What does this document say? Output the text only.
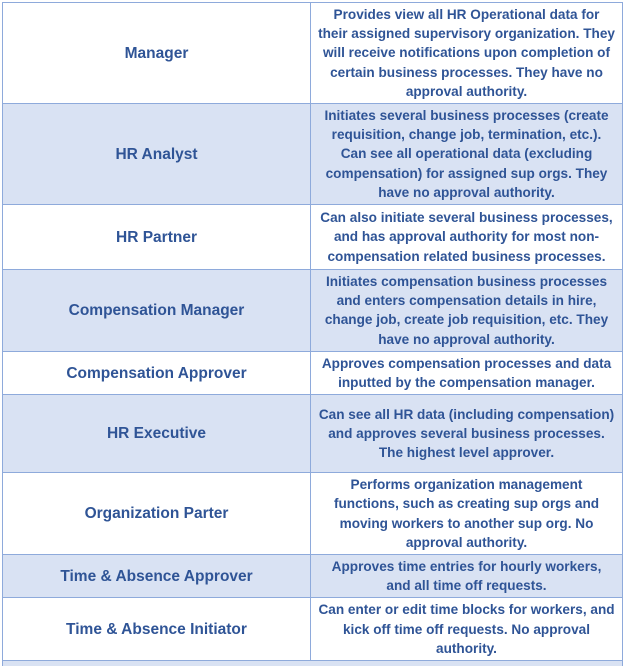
Manager
Provides view all HR Operational data for their assigned supervisory organization. They will receive notifications upon completion of certain business processes. They have no approval authority.
HR Analyst
Initiates several business processes (create requisition, change job, termination, etc.). Can see all operational data (excluding compensation) for assigned sup orgs. They have no approval authority.
HR Partner
Can also initiate several business processes, and has approval authority for most non-compensation related business processes.
Compensation Manager
Initiates compensation business processes and enters compensation details in hire, change job, create job requisition, etc. They have no approval authority.
Compensation Approver
Approves compensation processes and data inputted by the compensation manager.
HR Executive
Can see all HR data (including compensation) and approves several business processes. The highest level approver.
Organization Parter
Performs organization management functions, such as creating sup orgs and moving workers to another sup org. No approval authority.
Time & Absence Approver
Approves time entries for hourly workers, and all time off requests.
Time & Absence Initiator
Can enter or edit time blocks for workers, and kick off time off requests. No approval authority.
